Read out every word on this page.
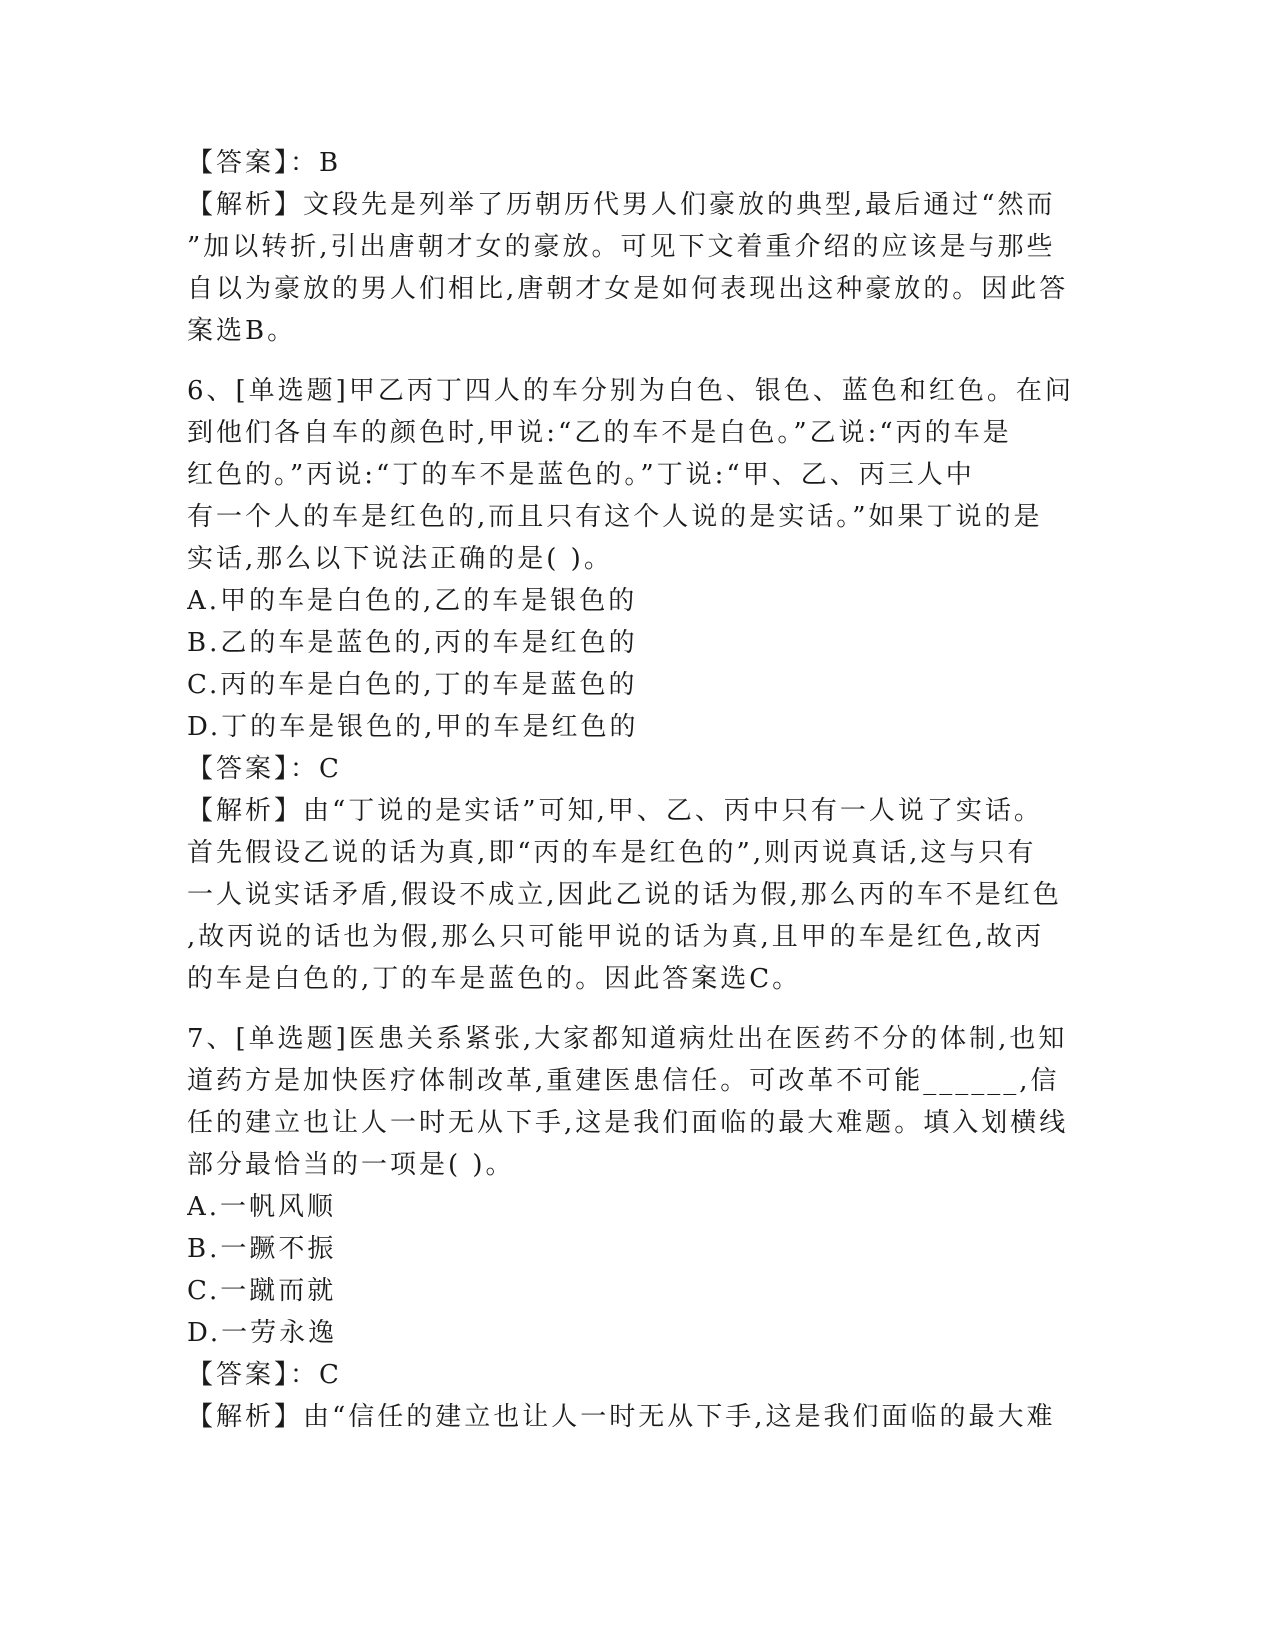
【答案】：B
【解析】文段先是列举了历朝历代男人们豪放的典型,最后通过“然而
”加以转折,引出唐朝才女的豪放。可见下文着重介绍的应该是与那些
自以为豪放的男人们相比,唐朝才女是如何表现出这种豪放的。因此答
案选B。
6、[单选题]甲乙丙丁四人的车分别为白色、银色、蓝色和红色。在问
到他们各自车的颜色时,甲说:“乙的车不是白色。”乙说:“丙的车是
红色的。”丙说:“丁的车不是蓝色的。”丁说:“甲、乙、丙三人中
有一个人的车是红色的,而且只有这个人说的是实话。”如果丁说的是
实话,那么以下说法正确的是( )。
A.甲的车是白色的,乙的车是银色的
B.乙的车是蓝色的,丙的车是红色的
C.丙的车是白色的,丁的车是蓝色的
D.丁的车是银色的,甲的车是红色的
【答案】：C
【解析】由“丁说的是实话”可知,甲、乙、丙中只有一人说了实话。
首先假设乙说的话为真,即“丙的车是红色的”,则丙说真话,这与只有
一人说实话矛盾,假设不成立,因此乙说的话为假,那么丙的车不是红色
,故丙说的话也为假,那么只可能甲说的话为真,且甲的车是红色,故丙
的车是白色的,丁的车是蓝色的。因此答案选C。
7、[单选题]医患关系紧张,大家都知道病灶出在医药不分的体制,也知
道药方是加快医疗体制改革,重建医患信任。可改革不可能______,信
任的建立也让人一时无从下手,这是我们面临的最大难题。填入划横线
部分最恰当的一项是( )。
A.一帆风顺
B.一蹶不振
C.一蹴而就
D.一劳永逸
【答案】：C
【解析】由“信任的建立也让人一时无从下手,这是我们面临的最大难
